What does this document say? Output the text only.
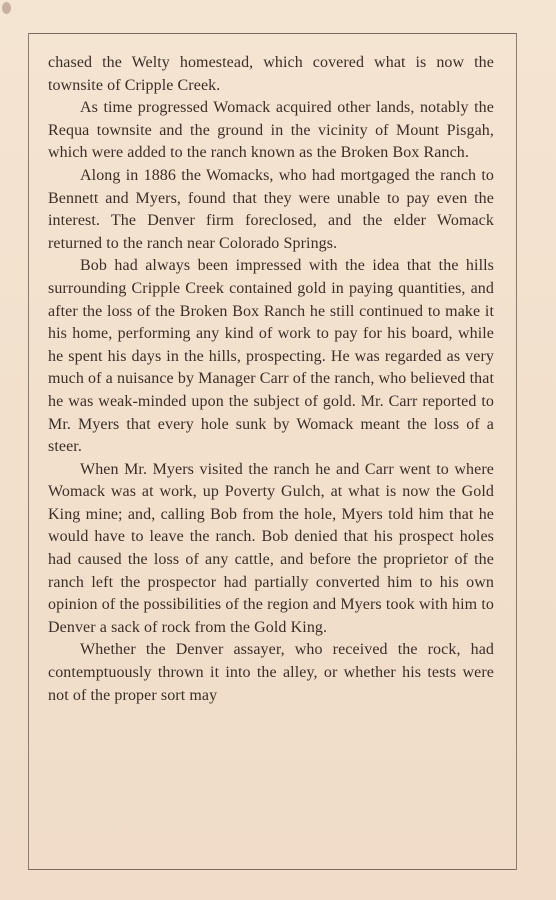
chased the Welty homestead, which covered what is now the townsite of Cripple Creek.

As time progressed Womack acquired other lands, notably the Requa townsite and the ground in the vicinity of Mount Pisgah, which were added to the ranch known as the Broken Box Ranch.

Along in 1886 the Womacks, who had mortgaged the ranch to Bennett and Myers, found that they were unable to pay even the interest. The Denver firm foreclosed, and the elder Womack returned to the ranch near Colorado Springs.

Bob had always been impressed with the idea that the hills surrounding Cripple Creek contained gold in paying quantities, and after the loss of the Broken Box Ranch he still continued to make it his home, performing any kind of work to pay for his board, while he spent his days in the hills, prospecting. He was regarded as very much of a nuisance by Manager Carr of the ranch, who believed that he was weak-minded upon the subject of gold. Mr. Carr reported to Mr. Myers that every hole sunk by Womack meant the loss of a steer.

When Mr. Myers visited the ranch he and Carr went to where Womack was at work, up Poverty Gulch, at what is now the Gold King mine; and, calling Bob from the hole, Myers told him that he would have to leave the ranch. Bob denied that his prospect holes had caused the loss of any cattle, and before the proprietor of the ranch left the prospector had partially converted him to his own opinion of the possibilities of the region and Myers took with him to Denver a sack of rock from the Gold King.

Whether the Denver assayer, who received the rock, had contemptuously thrown it into the alley, or whether his tests were not of the proper sort may
